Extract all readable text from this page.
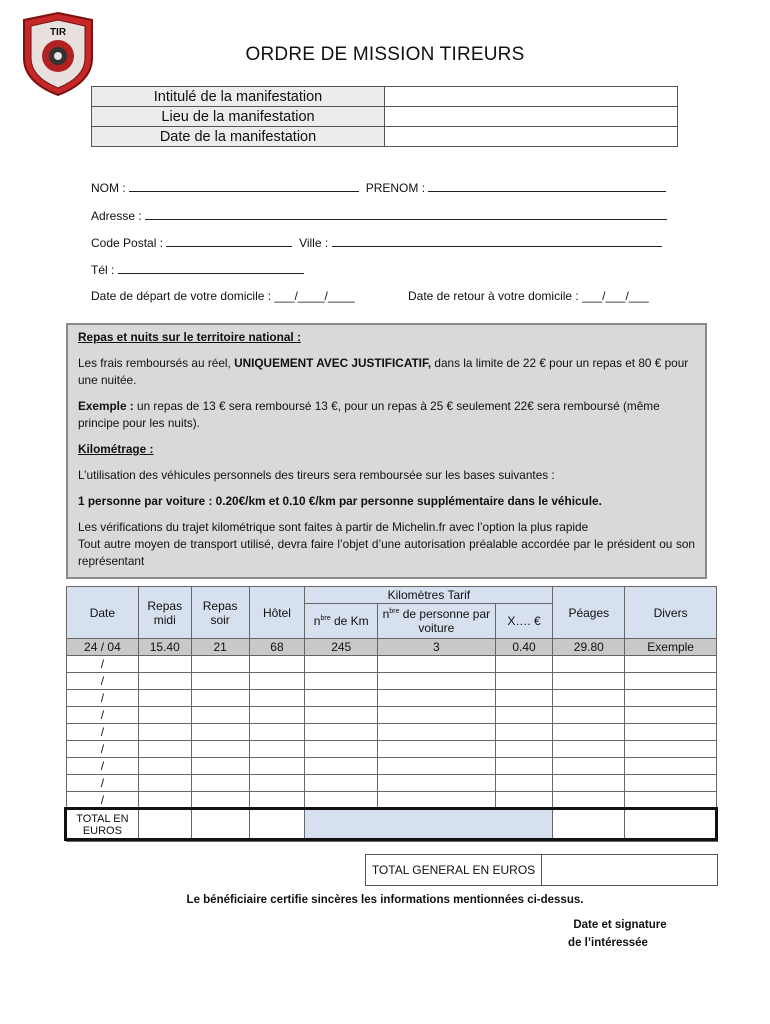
TIR
ORDRE DE MISSION TIREURS
Intitulé de la manifestation	
Lieu de la manifestation	
Date de la manifestation	
NOM :	PRENOM :
Adresse :
Code Postal :	Ville :
Tél :
Date de départ de votre domicile : ___/____/____	Date de retour à votre domicile : ___/___/___

Repas et nuits sur le territoire national :

Les frais remboursés au réel, UNIQUEMENT AVEC JUSTIFICATIF, dans la limite de 22 € pour un repas et 80 € pour une nuitée.

Exemple : un repas de 13 € sera remboursé 13 €, pour un repas à 25 € seulement 22€ sera remboursé (même principe pour les nuits).

Kilométrage :

L’utilisation des véhicules personnels des tireurs sera remboursée sur les bases suivantes :

1 personne par voiture : 0.20€/km et 0.10 €/km par personne supplémentaire dans le véhicule.

Les vérifications du trajet kilométrique sont faites à partir de Michelin.fr avec l’option la plus rapide
Tout autre moyen de transport utilisé, devra faire l’objet d’une autorisation préalable accordée par le président ou son représentant
Date	Repas midi	Repas soir	Hôtel	Kilomètres Tarif			Péages	Divers	
				$n^{bre}$ de Km	$n^{bre}$ de personne par voiture	X…. €			
24 / 04	15.40	21	68	245	3	0.40	29.80	Exemple	
/									
/									
/									
/									
/									
/									
/									
/									
/									
TOTAL EN EUROS									
TOTAL GENERAL EN EUROS	
Le bénéficiaire certifie sincères les informations mentionnées ci-dessus.
Date et signature
de l’intéressée
